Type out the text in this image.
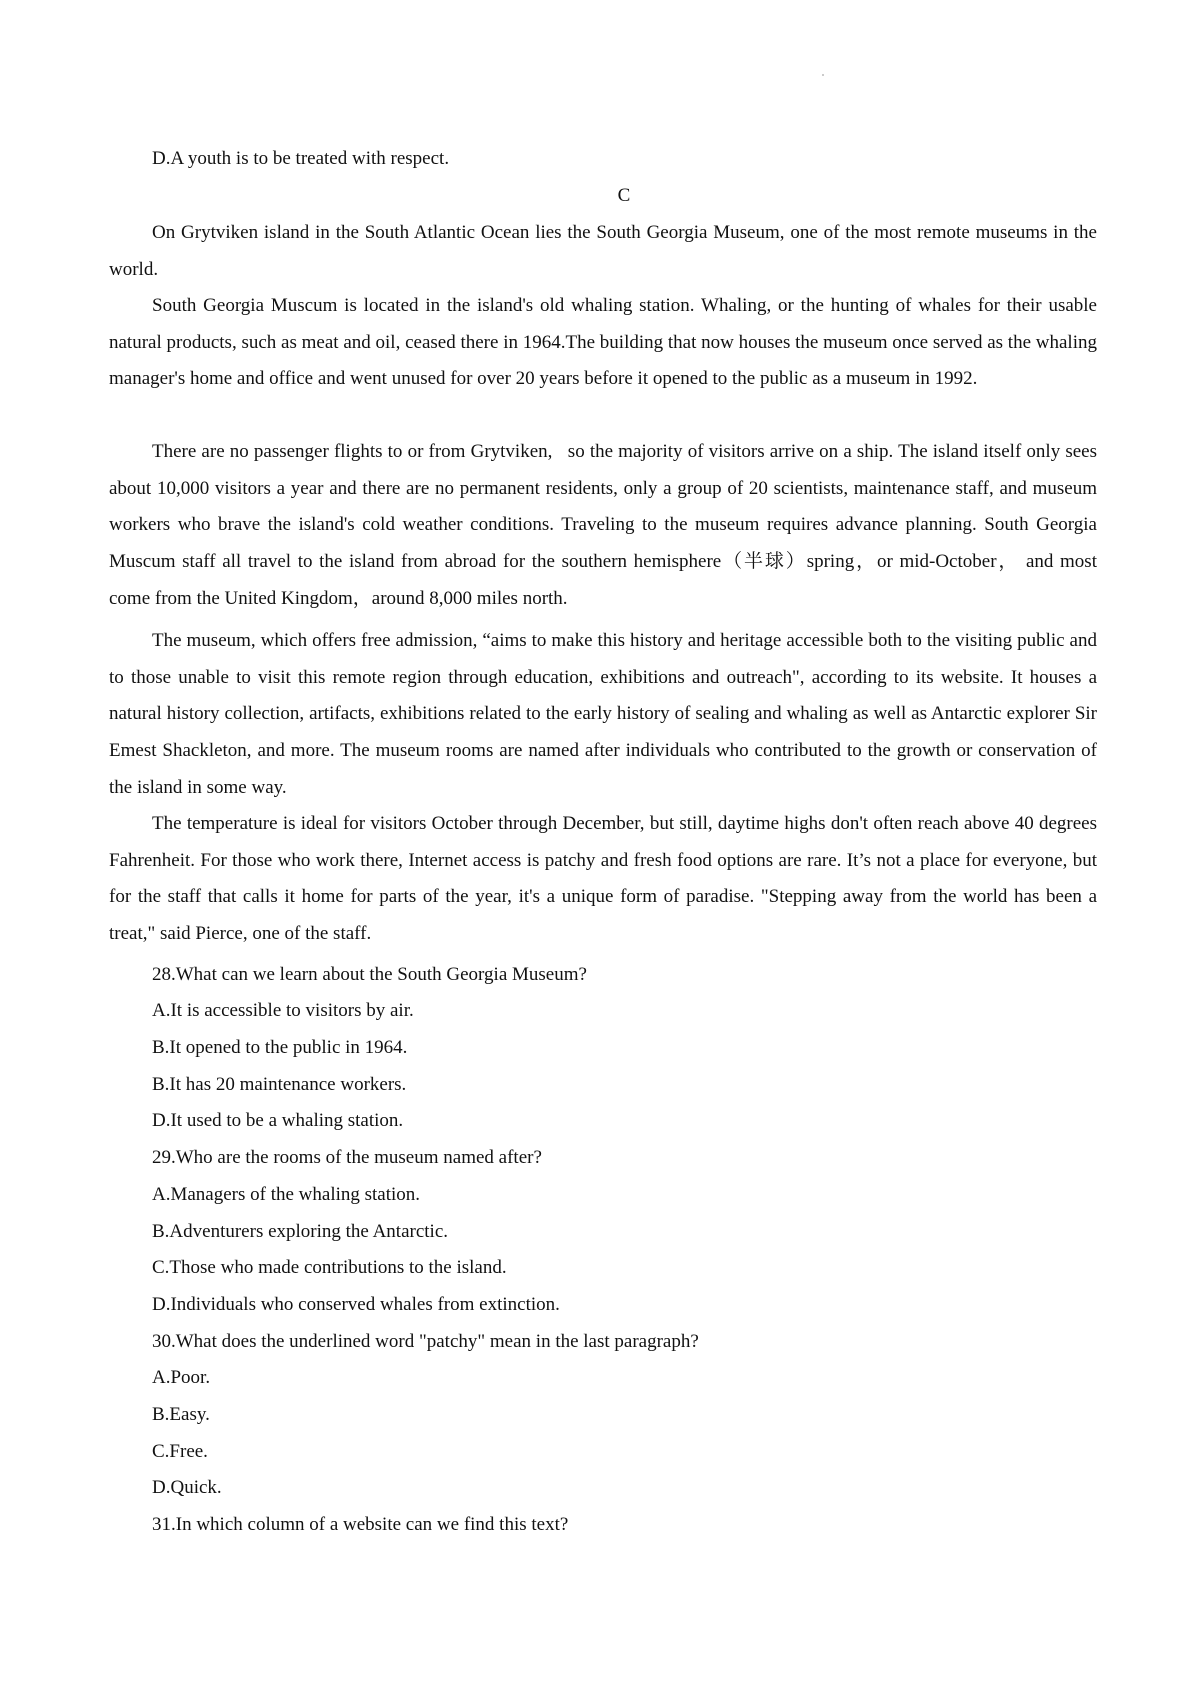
D.A youth is to be treated with respect.
C
On Grytviken island in the South Atlantic Ocean lies the South Georgia Museum, one of the most remote museums in the world.
South Georgia Muscum is located in the island's old whaling station. Whaling, or the hunting of whales for their usable natural products, such as meat and oil, ceased there in 1964.The building that now houses the museum once served as the whaling manager's home and office and went unused for over 20 years before it opened to the public as a museum in 1992.
There are no passenger flights to or from Grytviken,   so the majority of visitors arrive on a ship. The island itself only sees about 10,000 visitors a year and there are no permanent residents, only a group of 20 scientists, maintenance staff, and museum workers who brave the island's cold weather conditions. Traveling to the museum requires advance planning. South Georgia Muscum staff all travel to the island from abroad for the southern hemisphere（半球）spring，or mid-October， and most come from the United Kingdom，around 8,000 miles north.
The museum, which offers free admission, “aims to make this history and heritage accessible both to the visiting public and to those unable to visit this remote region through education, exhibitions and outreach", according to its website. It houses a natural history collection, artifacts, exhibitions related to the early history of sealing and whaling as well as Antarctic explorer Sir Emest Shackleton, and more. The museum rooms are named after individuals who contributed to the growth or conservation of the island in some way.
The temperature is ideal for visitors October through December, but still, daytime highs don't often reach above 40 degrees Fahrenheit. For those who work there, Internet access is patchy and fresh food options are rare. It’s not a place for everyone, but for the staff that calls it home for parts of the year, it's a unique form of paradise. "Stepping away from the world has been a treat," said Pierce, one of the staff.
28.What can we learn about the South Georgia Museum?
A.It is accessible to visitors by air.
B.It opened to the public in 1964.
B.It has 20 maintenance workers.
D.It used to be a whaling station.
29.Who are the rooms of the museum named after?
A.Managers of the whaling station.
B.Adventurers exploring the Antarctic.
C.Those who made contributions to the island.
D.Individuals who conserved whales from extinction.
30.What does the underlined word "patchy" mean in the last paragraph?
A.Poor.
B.Easy.
C.Free.
D.Quick.
31.In which column of a website can we find this text?
